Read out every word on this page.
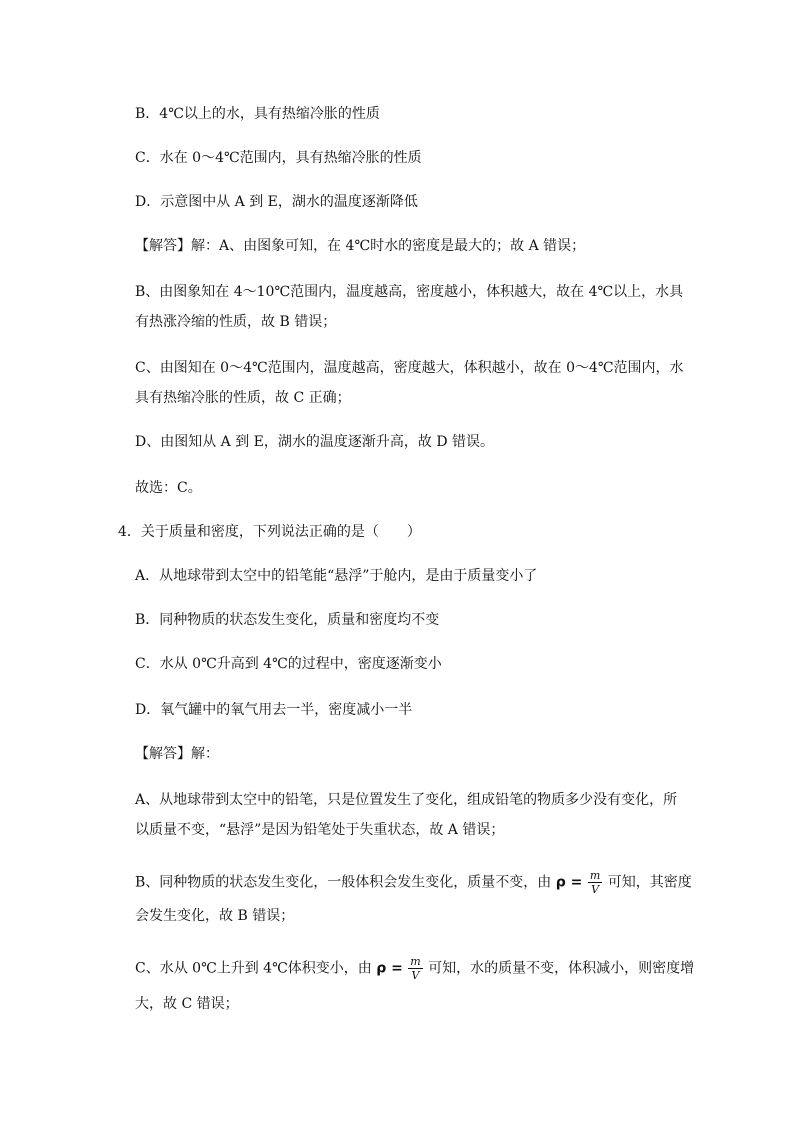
B．4℃以上的水，具有热缩冷胀的性质
C．水在 0～4℃范围内，具有热缩冷胀的性质
D．示意图中从 A 到 E，湖水的温度逐渐降低
【解答】解：A、由图象可知，在 4℃时水的密度是最大的；故 A 错误；
B、由图象知在 4～10℃范围内，温度越高，密度越小，体积越大，故在 4℃以上，水具
有热涨冷缩的性质，故 B 错误；
C、由图知在 0～4℃范围内，温度越高，密度越大，体积越小，故在 0～4℃范围内，水
具有热缩冷胀的性质，故 C 正确；
D、由图知从 A 到 E，湖水的温度逐渐升高，故 D 错误。
故选：C。
4．关于质量和密度，下列说法正确的是（　　）
A．从地球带到太空中的铅笔能“悬浮”于舱内，是由于质量变小了
B．同种物质的状态发生变化，质量和密度均不变
C．水从 0℃升高到 4℃的过程中，密度逐渐变小
D．氧气罐中的氧气用去一半，密度减小一半
【解答】解：
A、从地球带到太空中的铅笔，只是位置发生了变化，组成铅笔的物质多少没有变化，所
以质量不变，“悬浮”是因为铅笔处于失重状态，故 A 错误；
B、同种物质的状态发生变化，一般体积会发生变化，质量不变，由 $\rho = \frac{m}{V}$ 可知，其密度
会发生变化，故 B 错误；
C、水从 0℃上升到 4℃体积变小，由 $\rho = \frac{m}{V}$ 可知，水的质量不变，体积减小，则密度增
大，故 C 错误；
